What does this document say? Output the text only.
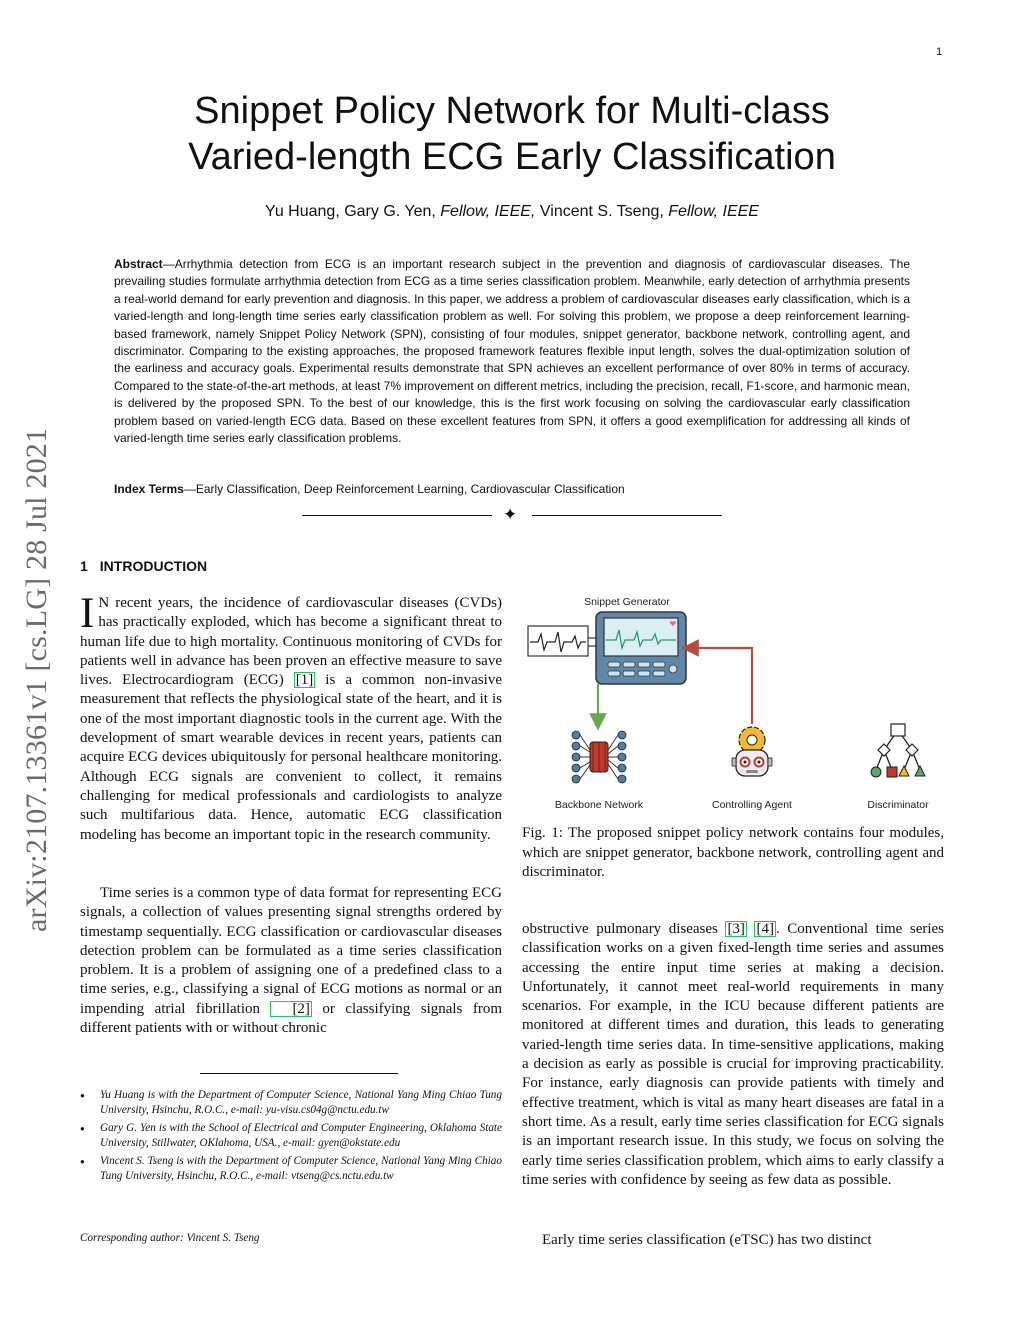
1
Snippet Policy Network for Multi-class
Varied-length ECG Early Classification
Yu Huang, Gary G. Yen, Fellow, IEEE, Vincent S. Tseng, Fellow, IEEE
Abstract—Arrhythmia detection from ECG is an important research subject in the prevention and diagnosis of cardiovascular diseases. The prevailing studies formulate arrhythmia detection from ECG as a time series classification problem. Meanwhile, early detection of arrhythmia presents a real-world demand for early prevention and diagnosis. In this paper, we address a problem of cardiovascular diseases early classification, which is a varied-length and long-length time series early classification problem as well. For solving this problem, we propose a deep reinforcement learning-based framework, namely Snippet Policy Network (SPN), consisting of four modules, snippet generator, backbone network, controlling agent, and discriminator. Comparing to the existing approaches, the proposed framework features flexible input length, solves the dual-optimization solution of the earliness and accuracy goals. Experimental results demonstrate that SPN achieves an excellent performance of over 80% in terms of accuracy. Compared to the state-of-the-art methods, at least 7% improvement on different metrics, including the precision, recall, F1-score, and harmonic mean, is delivered by the proposed SPN. To the best of our knowledge, this is the first work focusing on solving the cardiovascular early classification problem based on varied-length ECG data. Based on these excellent features from SPN, it offers a good exemplification for addressing all kinds of varied-length time series early classification problems.
Index Terms—Early Classification, Deep Reinforcement Learning, Cardiovascular Classification
✦
arXiv:2107.13361v1 [cs.LG] 28 Jul 2021 1 INTRODUCTION
I N recent years, the incidence of cardiovascular diseases (CVDs) has practically exploded, which has become a significant threat to human life due to high mortality. Continuous monitoring of CVDs for patients well in advance has been proven an effective measure to save lives. Electrocardiogram (ECG) [1] is a common non-invasive measurement that reflects the physiological state of the heart, and it is one of the most important diagnostic tools in the current age. With the development of smart wearable devices in recent years, patients can acquire ECG devices ubiquitously for personal healthcare monitoring. Although ECG signals are convenient to collect, it remains challenging for medical professionals and cardiologists to analyze such multifarious data. Hence, automatic ECG classification modeling has become an important topic in the research community.
Time series is a common type of data format for representing ECG signals, a collection of values presenting signal strengths ordered by timestamp sequentially. ECG classification or cardiovascular diseases detection problem can be formulated as a time series classification problem. It is a problem of assigning one of a predefined class to a time series, e.g., classifying a signal of ECG motions as normal or an impending atrial fibrillation [2] or classifying signals from different patients with or without chronic
● Yu Huang is with the Department of Computer Science, National Yang Ming Chiao Tung University, Hsinchu, R.O.C., e-mail: yu-visu.cs04g@nctu.edu.tw
● Gary G. Yen is with the School of Electrical and Computer Engineering, Oklahoma State University, Stillwater, OKlahoma, USA., e-mail: gyen@okstate.edu
● Vincent S. Tseng is with the Department of Computer Science, National Yang Ming Chiao Tung University, Hsinchu, R.O.C., e-mail: vtseng@cs.nctu.edu.tw
Corresponding author: Vincent S. Tseng
Snippet Generator
Backbone Network	Controlling Agent	Discriminator
Fig. 1: The proposed snippet policy network contains four modules, which are snippet generator, backbone network, controlling agent and discriminator.
obstructive pulmonary diseases [3] [4] . Conventional time series classification works on a given fixed-length time series and assumes accessing the entire input time series at making a decision. Unfortunately, it cannot meet real-world requirements in many scenarios. For example, in the ICU because different patients are monitored at different times and duration, this leads to generating varied-length time series data. In time-sensitive applications, making a decision as early as possible is crucial for improving practicability. For instance, early diagnosis can provide patients with timely and effective treatment, which is vital as many heart diseases are fatal in a short time. As a result, early time series classification for ECG signals is an important research issue. In this study, we focus on solving the early time series classification problem, which aims to early classify a time series with confidence by seeing as few data as possible.
Early time series classification (eTSC) has two distinct
